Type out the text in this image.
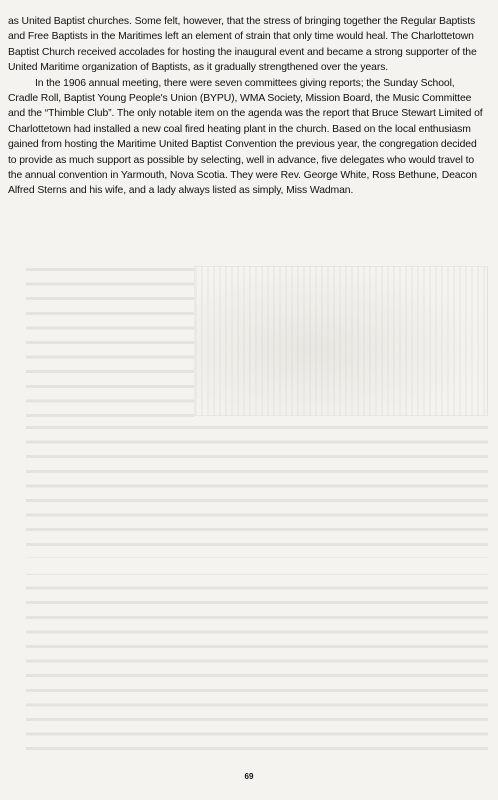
as United Baptist churches. Some felt, however, that the stress of bringing together the Regular Baptists and Free Baptists in the Maritimes left an element of strain that only time would heal. The Charlottetown Baptist Church received accolades for hosting the inaugural event and became a strong supporter of the United Maritime organization of Baptists, as it gradually strengthened over the years.

In the 1906 annual meeting, there were seven committees giving reports; the Sunday School, Cradle Roll, Baptist Young People's Union (BYPU), WMA Society, Mission Board, the Music Committee and the “Thimble Club”. The only notable item on the agenda was the report that Bruce Stewart Limited of Charlottetown had installed a new coal fired heating plant in the church. Based on the local enthusiasm gained from hosting the Maritime United Baptist Convention the previous year, the congregation decided to provide as much support as possible by selecting, well in advance, five delegates who would travel to the annual convention in Yarmouth, Nova Scotia. They were Rev. George White, Ross Bethune, Deacon Alfred Sterns and his wife, and a lady always listed as simply, Miss Wadman.

69
